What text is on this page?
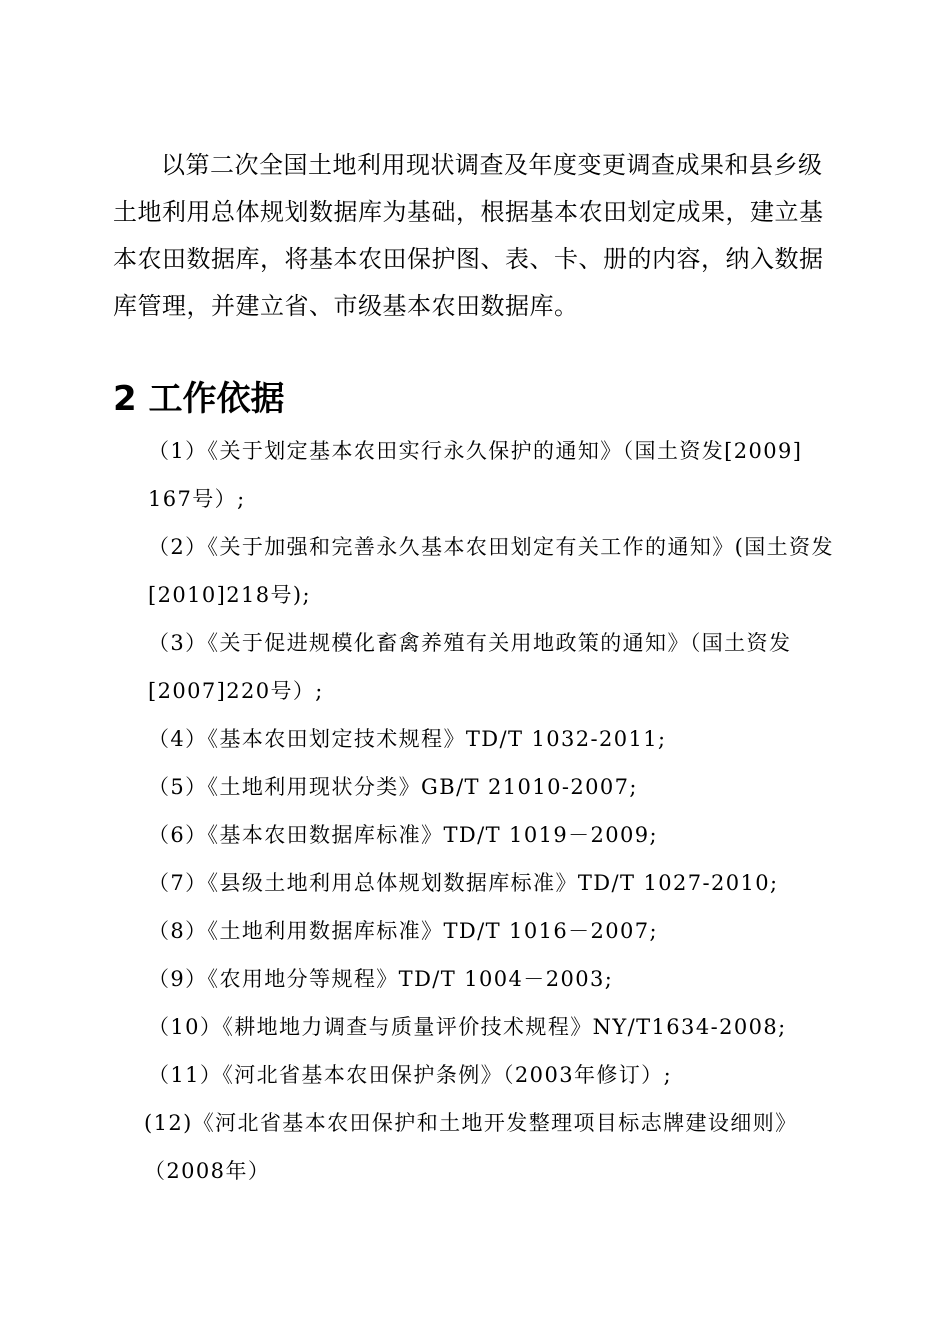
以第二次全国土地利用现状调查及年度变更调查成果和县乡级土地利用总体规划数据库为基础，根据基本农田划定成果，建立基本农田数据库，将基本农田保护图、表、卡、册的内容，纳入数据库管理，并建立省、市级基本农田数据库。

2 工作依据
（1）《关于划定基本农田实行永久保护的通知》（国土资发[2009] 167号）;
（2）《关于加强和完善永久基本农田划定有关工作的通知》(国土资发[2010]218号);
（3）《关于促进规模化畜禽养殖有关用地政策的通知》（国土资发[2007]220号）;
（4）《基本农田划定技术规程》TD/T 1032-2011;
（5）《土地利用现状分类》GB/T 21010-2007;
（6）《基本农田数据库标准》TD/T 1019－2009;
（7）《县级土地利用总体规划数据库标准》TD/T 1027-2010;
（8）《土地利用数据库标准》TD/T 1016－2007;
（9）《农用地分等规程》TD/T 1004－2003;
（10）《耕地地力调查与质量评价技术规程》NY/T1634-2008;
（11）《河北省基本农田保护条例》（2003年修订）;
(12)《河北省基本农田保护和土地开发整理项目标志牌建设细则》（2008年）
